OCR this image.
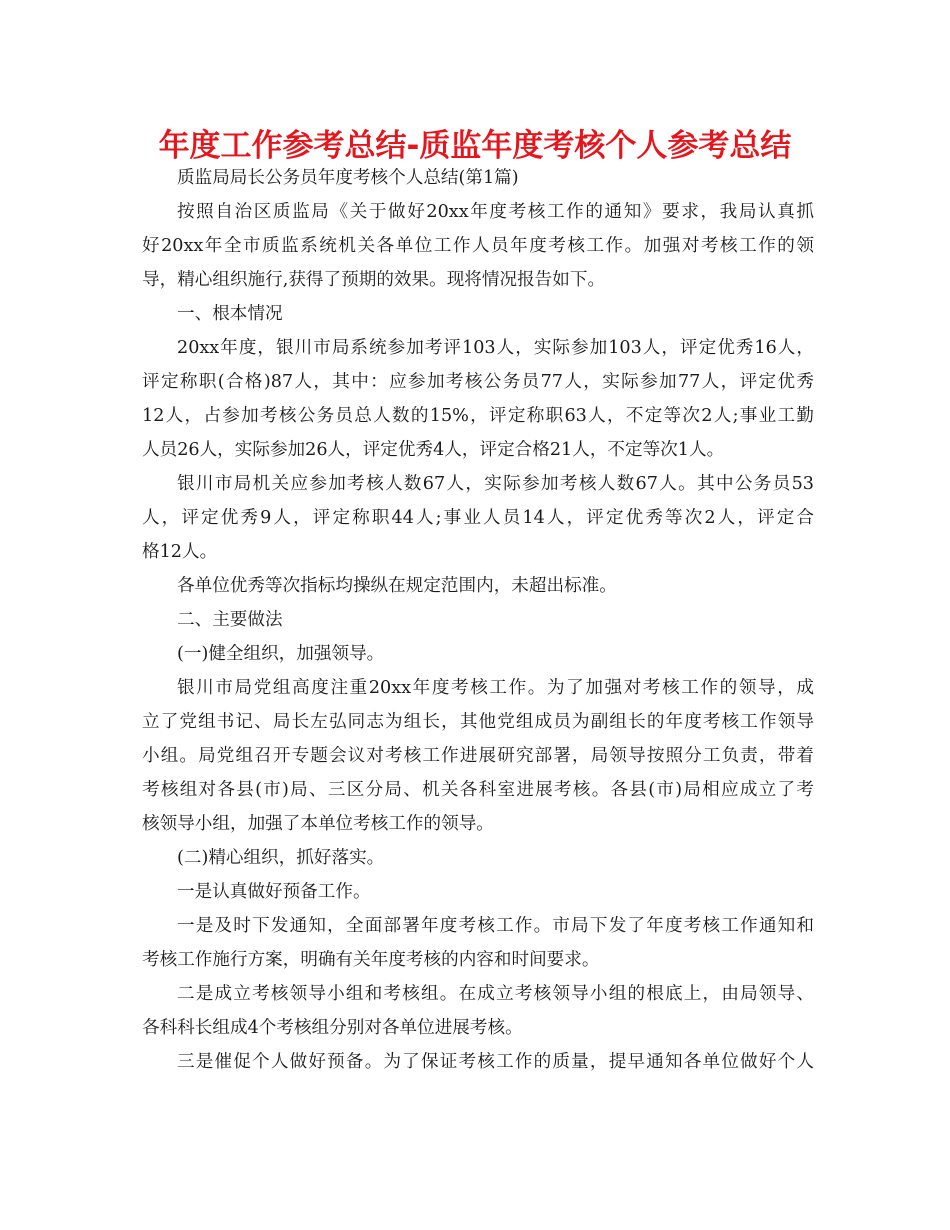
年度工作参考总结-质监年度考核个人参考总结

质监局局长公务员年度考核个人总结(第1篇)

按照自治区质监局《关于做好20xx年度考核工作的通知》要求，我局认真抓
好20xx年全市质监系统机关各单位工作人员年度考核工作。加强对考核工作的领
导，精心组织施行,获得了预期的效果。现将情况报告如下。

一、根本情况

20xx年度，银川市局系统参加考评103人，实际参加103人，评定优秀16人，
评定称职(合格)87人，其中：应参加考核公务员77人，实际参加77人，评定优秀
12人，占参加考核公务员总人数的15%，评定称职63人，不定等次2人;事业工勤
人员26人，实际参加26人，评定优秀4人，评定合格21人，不定等次1人。

银川市局机关应参加考核人数67人，实际参加考核人数67人。其中公务员53
人，评定优秀9人，评定称职44人;事业人员14人，评定优秀等次2人，评定合
格12人。

各单位优秀等次指标均操纵在规定范围内，未超出标准。

二、主要做法

(一)健全组织，加强领导。

银川市局党组高度注重20xx年度考核工作。为了加强对考核工作的领导，成
立了党组书记、局长左弘同志为组长，其他党组成员为副组长的年度考核工作领导
小组。局党组召开专题会议对考核工作进展研究部署，局领导按照分工负责，带着
考核组对各县(市)局、三区分局、机关各科室进展考核。各县(市)局相应成立了考
核领导小组，加强了本单位考核工作的领导。

(二)精心组织，抓好落实。

一是认真做好预备工作。

一是及时下发通知，全面部署年度考核工作。市局下发了年度考核工作通知和
考核工作施行方案，明确有关年度考核的内容和时间要求。

二是成立考核领导小组和考核组。在成立考核领导小组的根底上，由局领导、
各科科长组成4个考核组分别对各单位进展考核。

三是催促个人做好预备。为了保证考核工作的质量，提早通知各单位做好个人
